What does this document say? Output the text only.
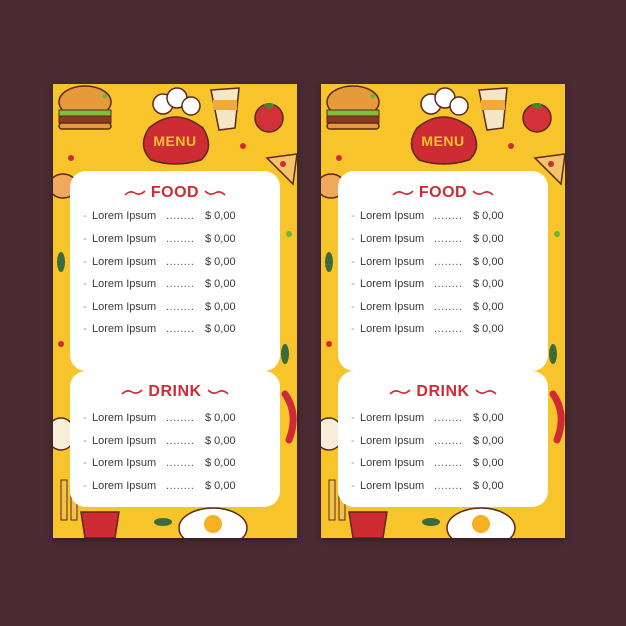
MENU
FOOD
- Lorem Ipsum ........ $ 0,00
- Lorem Ipsum ........ $ 0,00
- Lorem Ipsum ........ $ 0,00
- Lorem Ipsum ........ $ 0,00
- Lorem Ipsum ........ $ 0,00
- Lorem Ipsum ........ $ 0,00
DRINK
- Lorem Ipsum ........ $ 0,00
- Lorem Ipsum ........ $ 0,00
- Lorem Ipsum ........ $ 0,00
- Lorem Ipsum ........ $ 0,00
MENU
FOOD
- Lorem Ipsum ........ $ 0,00
- Lorem Ipsum ........ $ 0,00
- Lorem Ipsum ........ $ 0,00
- Lorem Ipsum ........ $ 0,00
- Lorem Ipsum ........ $ 0,00
- Lorem Ipsum ........ $ 0,00
DRINK
- Lorem Ipsum ........ $ 0,00
- Lorem Ipsum ........ $ 0,00
- Lorem Ipsum ........ $ 0,00
- Lorem Ipsum ........ $ 0,00
